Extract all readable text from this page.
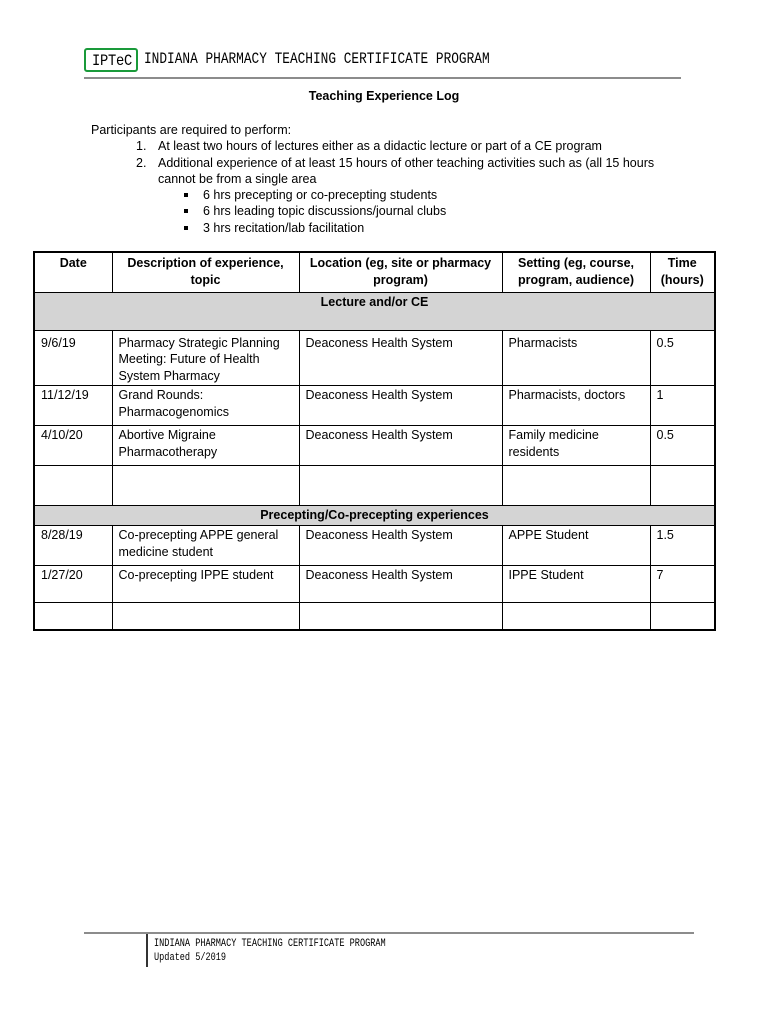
IPTeC INDIANA PHARMACY TEACHING CERTIFICATE PROGRAM
Teaching Experience Log
Participants are required to perform:
1. At least two hours of lectures either as a didactic lecture or part of a CE program
2. Additional experience of at least 15 hours of other teaching activities such as (all 15 hours cannot be from a single area
6 hrs precepting or co-precepting students
6 hrs leading topic discussions/journal clubs
3 hrs recitation/lab facilitation
Date	Description of experience, topic	Location (eg, site or pharmacy program)	Setting (eg, course, program, audience)	Time (hours)
Lecture and/or CE				
9/6/19	Pharmacy Strategic Planning Meeting: Future of Health System Pharmacy	Deaconess Health System	Pharmacists	0.5
11/12/19	Grand Rounds: Pharmacogenomics	Deaconess Health System	Pharmacists, doctors	1
4/10/20	Abortive Migraine Pharmacotherapy	Deaconess Health System	Family medicine residents	0.5

Precepting/Co-precepting experiences				
8/28/19	Co-precepting APPE general medicine student	Deaconess Health System	APPE Student	1.5
1/27/20	Co-precepting IPPE student	Deaconess Health System	IPPE Student	7

INDIANA PHARMACY TEACHING CERTIFICATE PROGRAM
Updated 5/2019
